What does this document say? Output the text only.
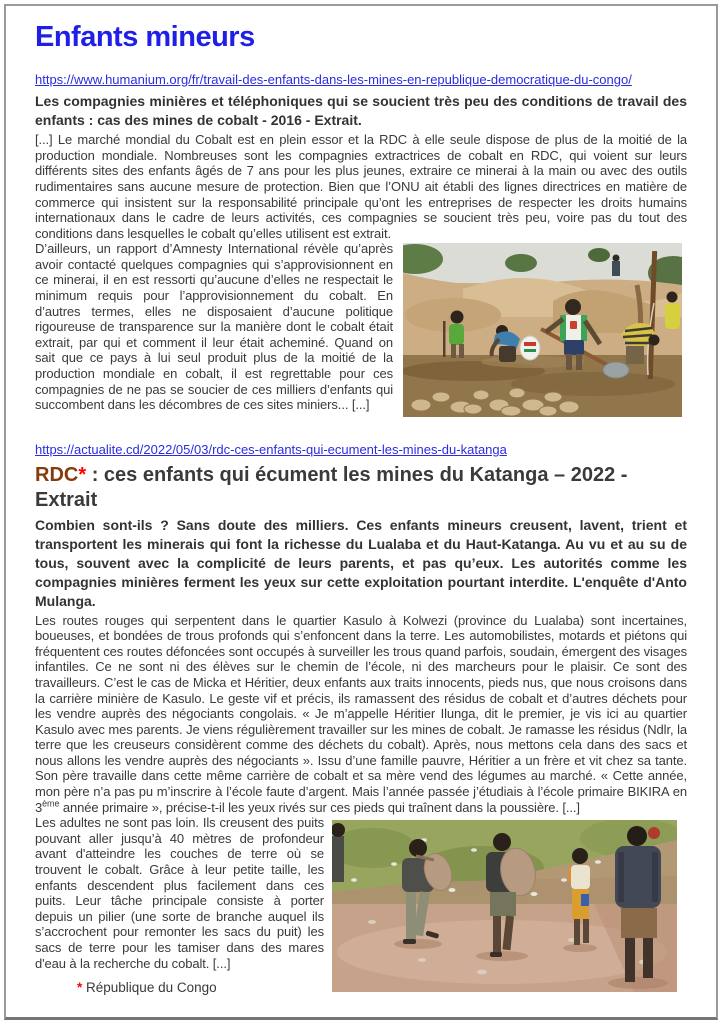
Enfants mineurs

https://www.humanium.org/fr/travail-des-enfants-dans-les-mines-en-republique-democratique-du-congo/

Les compagnies minières et téléphoniques qui se soucient très peu des conditions de travail des enfants : cas des mines de cobalt - 2016 - Extrait.

[...] Le marché mondial du Cobalt est en plein essor et la RDC à elle seule dispose de plus de la moitié de la production mondiale. Nombreuses sont les compagnies extractrices de cobalt en RDC, qui voient sur leurs différents sites des enfants âgés de 7 ans pour les plus jeunes, extraire ce minerai à la main ou avec des outils rudimentaires sans aucune mesure de protection. Bien que l’ONU ait établi des lignes directrices en matière de commerce qui insistent sur la responsabilité principale qu’ont les entreprises de respecter les droits humains internationaux dans le cadre de leurs activités, ces compagnies se soucient très peu, voire pas du tout des conditions dans lesquelles le cobalt qu’elles utilisent est extrait.

D’ailleurs, un rapport d’Amnesty International révèle qu’après avoir contacté quelques compagnies qui s’approvisionnent en ce minerai, il en est ressorti qu’aucune d’elles ne respectait le minimum requis pour l’approvisionnement du cobalt. En d’autres termes, elles ne disposaient d’aucune politique rigoureuse de transparence sur la manière dont le cobalt était extrait, par qui et comment il leur était acheminé. Quand on sait que ce pays à lui seul produit plus de la moitié de la production mondiale en cobalt, il est regrettable pour ces compagnies de ne pas se soucier de ces milliers d’enfants qui succombent dans les décombres de ces sites miniers... [...]

https://actualite.cd/2022/05/03/rdc-ces-enfants-qui-ecument-les-mines-du-katanga

RDC* : ces enfants qui écument les mines du Katanga – 2022 -   Extrait

Combien sont-ils ? Sans doute des milliers. Ces enfants mineurs creusent, lavent, trient et transportent les minerais qui font la richesse du Lualaba et du Haut-Katanga. Au vu et au su de tous, souvent avec la complicité de leurs parents, et pas qu’eux. Les autorités comme les compagnies minières ferment les yeux sur cette exploitation pourtant interdite. L'enquête d'Anto Mulanga.

Les routes rouges qui serpentent dans le quartier Kasulo à Kolwezi (province du Lualaba) sont incertaines, boueuses, et bondées de trous profonds qui s’enfoncent dans la terre. Les automobilistes, motards et piétons qui fréquentent ces routes défoncées sont occupés à surveiller les trous quand parfois, soudain, émergent des visages infantiles. Ce ne sont ni des élèves sur le chemin de l’école, ni des marcheurs pour le plaisir. Ce sont des travailleurs. C’est le cas de Micka et Héritier, deux enfants aux traits innocents, pieds nus, que nous croisons dans la carrière minière de Kasulo. Le geste vif et précis, ils ramassent des résidus de cobalt et d’autres déchets pour les vendre auprès des négociants congolais. « Je m’appelle Héritier Ilunga, dit le premier, je vis ici au quartier Kasulo avec mes parents. Je viens régulièrement travailler sur les mines de cobalt. Je ramasse les résidus (Ndlr, la terre que les creuseurs considèrent comme des déchets du cobalt). Après, nous mettons cela dans des sacs et nous allons les vendre auprès des négociants ». Issu d’une famille pauvre, Héritier a un frère et vit chez sa tante. Son père travaille dans cette même carrière de cobalt et sa mère vend des légumes au marché. « Cette année, mon père n’a pas pu m’inscrire à l’école faute d’argent. Mais l’année passée j’étudiais à l’école primaire BIKIRA en 3ème année primaire », précise-t-il les yeux rivés sur ces pieds qui traînent dans la poussière. [...]

Les adultes ne sont pas loin. Ils creusent des puits pouvant aller jusqu’à 40 mètres de profondeur avant d'atteindre les couches de terre où se trouvent le cobalt. Grâce à leur petite taille, les enfants descendent plus facilement dans ces puits. Leur tâche principale consiste à porter depuis un pilier (une sorte de branche auquel ils s’accrochent pour remonter les sacs du puit) les sacs de terre pour les tamiser dans des mares d'eau à la recherche du cobalt. [...]

* République du Congo
